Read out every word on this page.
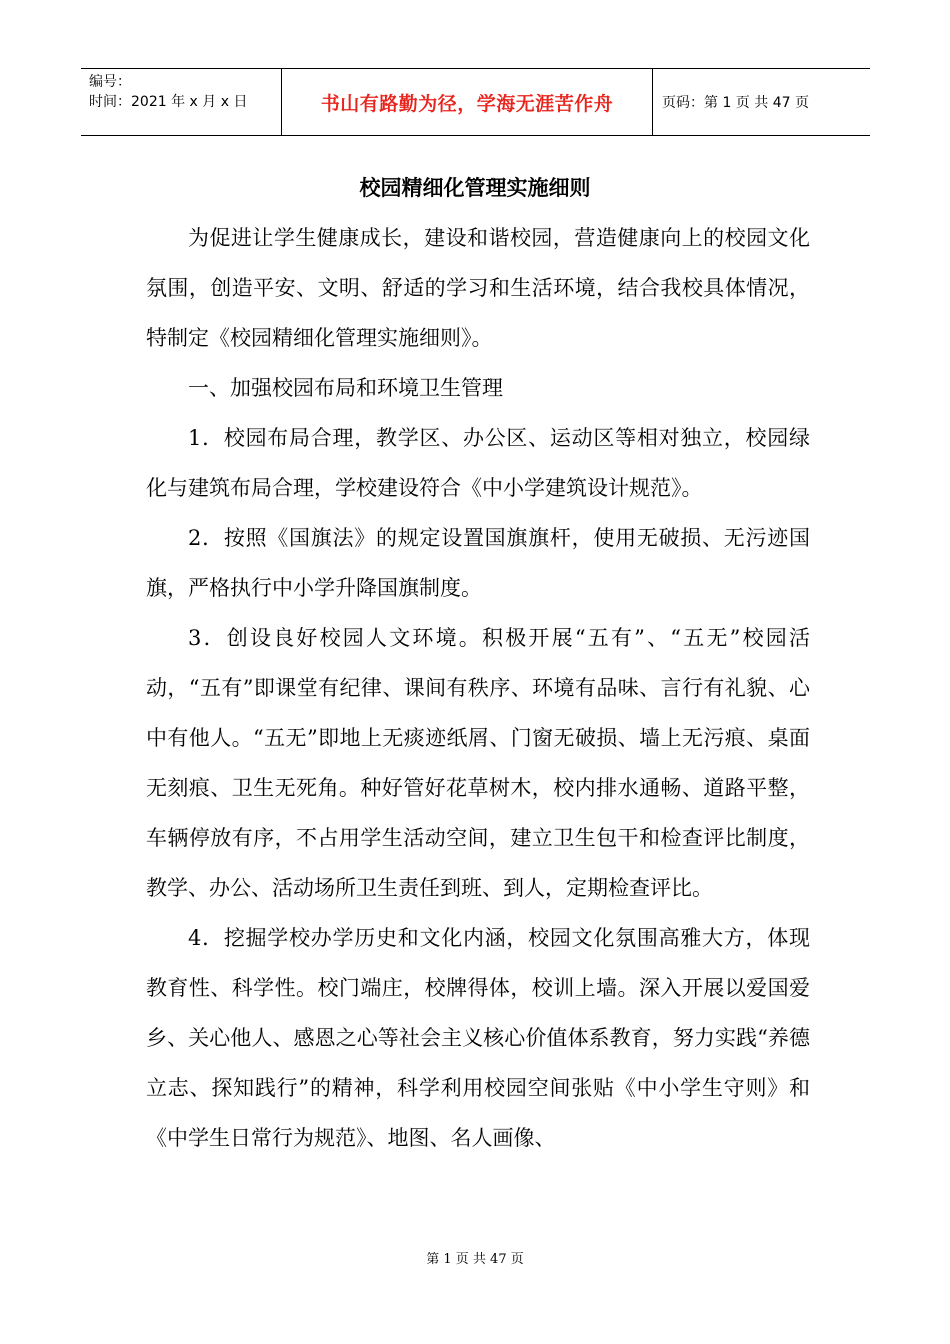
编号：
时间：2021 年 x 月 x 日	书山有路勤为径，学海无涯苦作舟	页码：第 1 页 共 47 页
校园精细化管理实施细则

为促进让学生健康成长，建设和谐校园，营造健康向上的校园文化氛围，创造平安、文明、舒适的学习和生活环境，结合我校具体情况，特制定《校园精细化管理实施细则》。

一、加强校园布局和环境卫生管理

1．校园布局合理，教学区、办公区、运动区等相对独立，校园绿化与建筑布局合理，学校建设符合《中小学建筑设计规范》。

2．按照《国旗法》的规定设置国旗旗杆，使用无破损、无污迹国旗，严格执行中小学升降国旗制度。

3．创设良好校园人文环境。积极开展“五有”、“五无”校园活动，“五有”即课堂有纪律、课间有秩序、环境有品味、言行有礼貌、心中有他人。“五无”即地上无痰迹纸屑、门窗无破损、墙上无污痕、桌面无刻痕、卫生无死角。种好管好花草树木，校内排水通畅、道路平整，车辆停放有序，不占用学生活动空间，建立卫生包干和检查评比制度，教学、办公、活动场所卫生责任到班、到人，定期检查评比。

4．挖掘学校办学历史和文化内涵，校园文化氛围高雅大方，体现教育性、科学性。校门端庄，校牌得体，校训上墙。深入开展以爱国爱乡、关心他人、感恩之心等社会主义核心价值体系教育，努力实践“养德立志、探知践行”的精神，科学利用校园空间张贴《中小学生守则》和《中学生日常行为规范》、地图、名人画像、

第 1 页 共 47 页
